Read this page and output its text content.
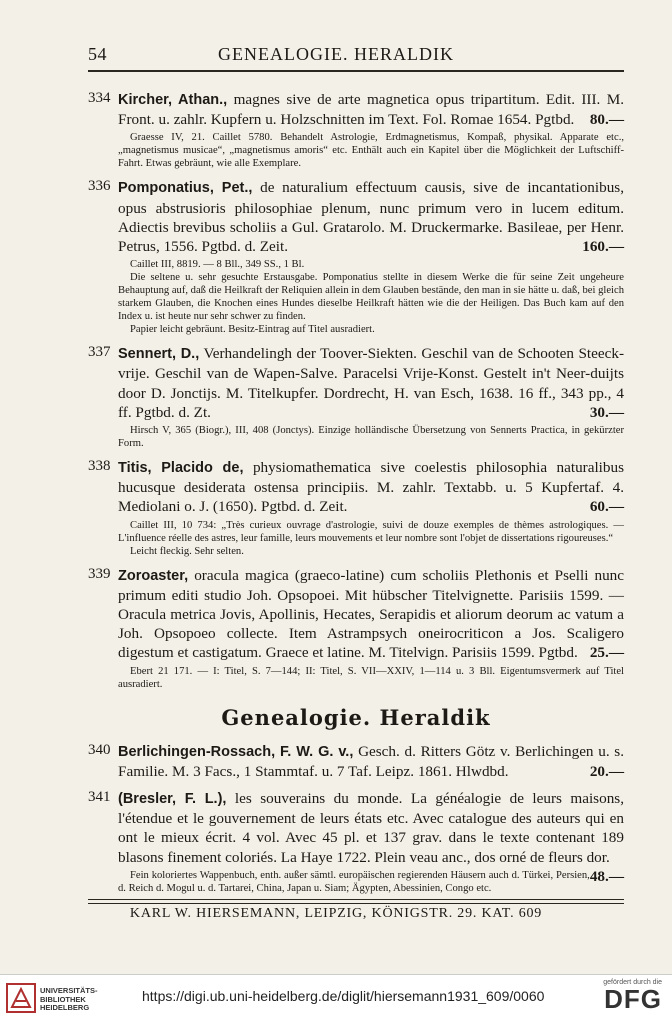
54	GENEALOGIE. HERALDIK
334 Kircher, Athan., magnes sive de arte magnetica opus tripartitum. Edit. III. M. Front. u. zahlr. Kupfern u. Holzschnitten im Text. Fol. Romae 1654. Pgtbd. 80.—

Graesse IV, 21. Caillet 5780. Behandelt Astrologie, Erdmagnetismus, Kompaß, physikal. Apparate etc., „magnetismus musicae“, „magnetismus amoris“ etc. Enthält auch ein Kapitel über die Möglichkeit der Luftschiff-Fahrt. Etwas gebräunt, wie alle Exemplare.

336 Pomponatius, Pet., de naturalium effectuum causis, sive de incantationibus, opus abstrusioris philosophiae plenum, nunc primum vero in lucem editum. Adiectis brevibus scholiis a Gul. Gratarolo. M. Druckermarke. Basileae, per Henr. Petrus, 1556. Pgtbd. d. Zeit.	160.—

Caillet III, 8819. — 8 Bll., 349 SS., 1 Bl.

Die seltene u. sehr gesuchte Erstausgabe. Pomponatius stellte in diesem Werke die für seine Zeit ungeheure Behauptung auf, daß die Heilkraft der Reliquien allein in dem Glauben bestände, den man in sie hätte u. daß, bei gleich starkem Glauben, die Knochen eines Hundes dieselbe Heilkraft hätten wie die der Heiligen. Das Buch kam auf den Index u. ist heute nur sehr schwer zu finden.

Papier leicht gebräunt. Besitz-Eintrag auf Titel ausradiert.

337 Sennert, D., Verhandelingh der Toover-Siekten. Geschil van de Schooten Steeck-vrije. Geschil van de Wapen-Salve. Paracelsi Vrije-Konst. Gestelt in't Neer-duijts door D. Jonctijs. M. Titelkupfer. Dordrecht, H. van Esch, 1638. 16 ff., 343 pp., 4 ff. Pgtbd. d. Zt.	30.—

Hirsch V, 365 (Biogr.), III, 408 (Jonctys). Einzige holländische Übersetzung von Sennerts Practica, in gekürzter Form.

338 Titis, Placido de, physiomathematica sive coelestis philosophia naturalibus hucusque desiderata ostensa principiis. M. zahlr. Textabb. u. 5 Kupfertaf. 4. Mediolani o. J. (1650). Pgtbd. d. Zeit.	60.—

Caillet III, 10 734: „Très curieux ouvrage d'astrologie, suivi de douze exemples de thèmes astrologiques. — L'influence réelle des astres, leur famille, leurs mouvements et leur nombre sont l'objet de dissertations rigoureuses.“

Leicht fleckig. Sehr selten.

339 Zoroaster, oracula magica (graeco-latine) cum scholiis Plethonis et Pselli nunc primum editi studio Joh. Opsopoei. Mit hübscher Titelvignette. Parisiis 1599. — Oracula metrica Jovis, Apollinis, Hecates, Serapidis et aliorum deorum ac vatum a Joh. Opsopoeo collecte. Item Astrampsych oneirocriticon a Jos. Scaligero digestum et castigatum. Graece et latine. M. Titelvign. Parisiis 1599. Pgtbd. 25.—

Ebert 21 171. — I: Titel, S. 7—144; II: Titel, S. VII—XXIV, 1—114 u. 3 Bll. Eigentumsvermerk auf Titel ausradiert.

Genealogie. Heraldik
340 Berlichingen-Rossach, F. W. G. v., Gesch. d. Ritters Götz v. Berlichingen u. s. Familie. M. 3 Facs., 1 Stammtaf. u. 7 Taf. Leipz. 1861. Hlwdbd.	20.—
341 (Bresler, F. L.), les souverains du monde. La généalogie de leurs maisons, l'étendue et le gouvernement de leurs états etc. Avec catalogue des auteurs qui en ont le mieux écrit. 4 vol. Avec 45 pl. et 137 grav. dans le texte contenant 189 blasons finement coloriés. La Haye 1722. Plein veau anc., dos orné de fleurs dor.
48.—

Fein koloriertes Wappenbuch, enth. außer sämtl. europäischen regierenden Häusern auch d. Türkei, Persien, d. Reich d. Mogul u. d. Tartarei, China, Japan u. Siam; Ägypten, Abessinien, Congo etc.

KARL W. HIERSEMANN, LEIPZIG, KÖNIGSTR. 29. KAT. 609
UNIVERSITÄTS-
BIBLIOTHEK
HEIDELBERG
https://digi.ub.uni-heidelberg.de/diglit/hiersemann1931_609/0060
gefördert durch die
DFG
